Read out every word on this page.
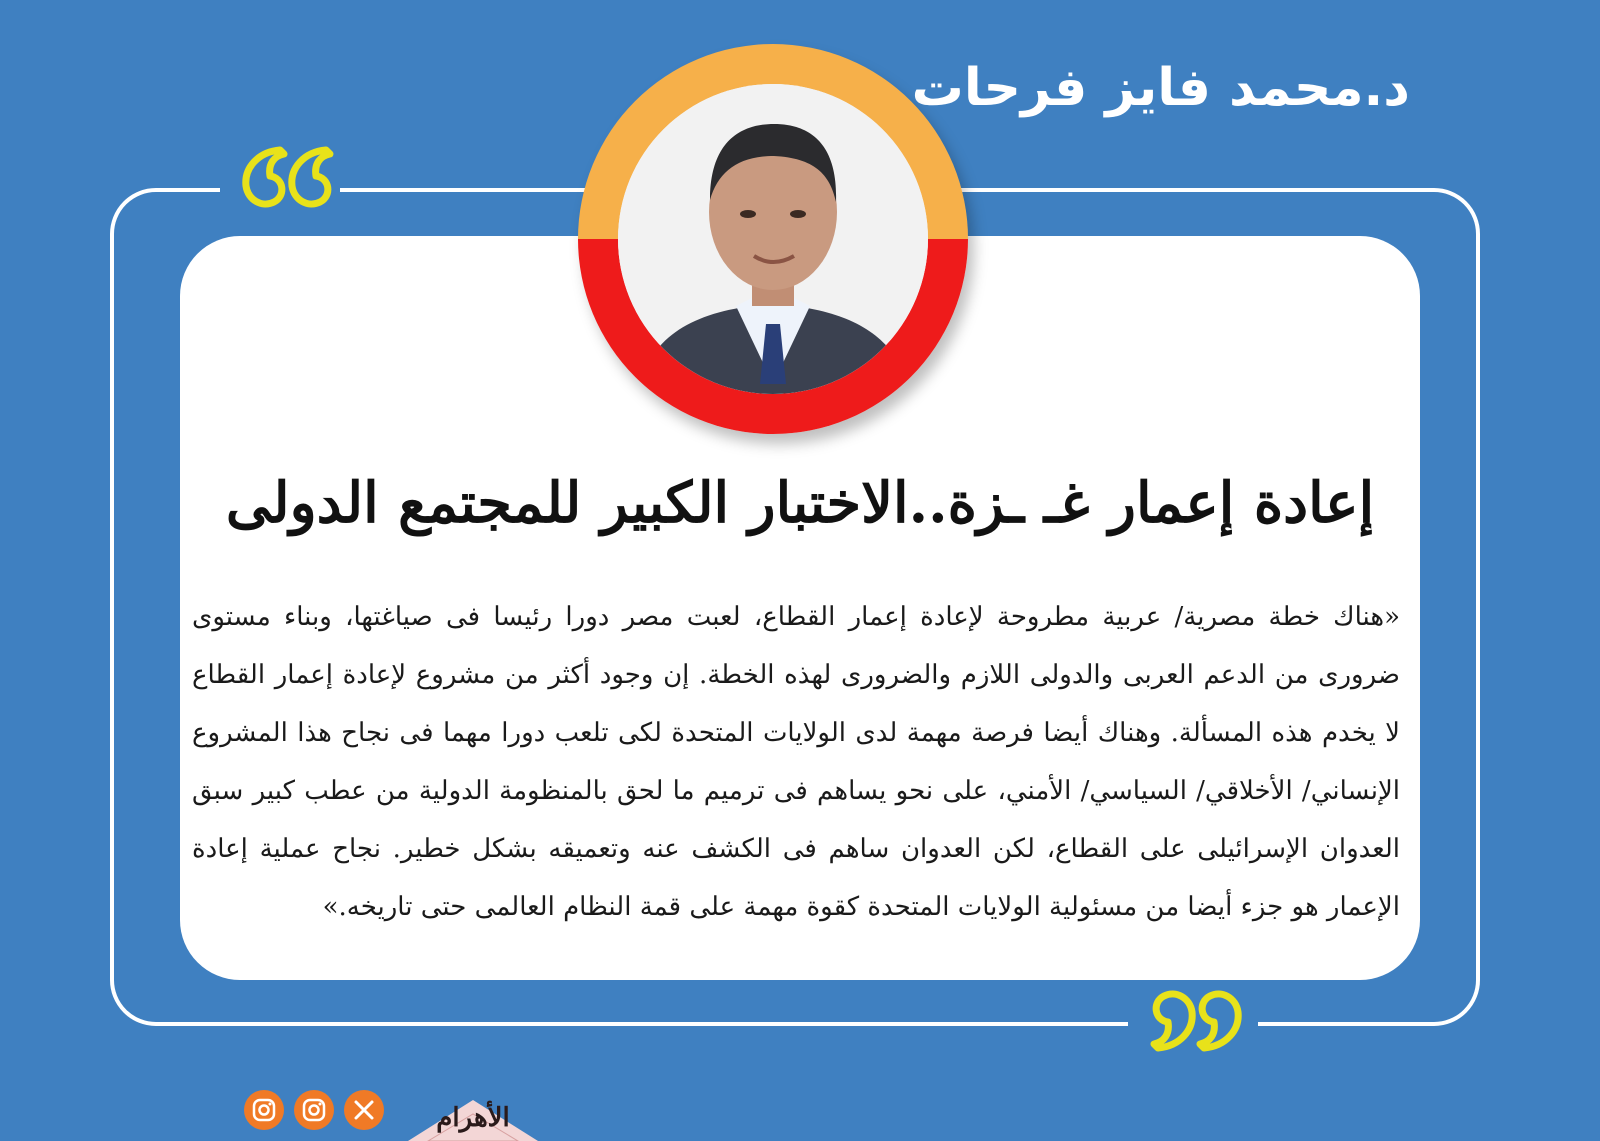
د.محمد فايز فرحات
إعادة إعمار غـ ـزة..الاختبار الكبير للمجتمع الدولى
«هناك خطة مصرية/ عربية مطروحة لإعادة إعمار القطاع، لعبت مصر دورا رئيسا فى صياغتها، وبناء مستوى ضرورى من الدعم العربى والدولى اللازم والضرورى لهذه الخطة. إن وجود أكثر من مشروع لإعادة إعمار القطاع لا يخدم هذه المسألة. وهناك أيضا فرصة مهمة لدى الولايات المتحدة لكى تلعب دورا مهما فى نجاح هذا المشروع الإنساني/ الأخلاقي/ السياسي/ الأمني، على نحو يساهم فى ترميم ما لحق بالمنظومة الدولية من عطب كبير سبق العدوان الإسرائيلى على القطاع، لكن العدوان ساهم فى الكشف عنه وتعميقه بشكل خطير. نجاح عملية إعادة الإعمار هو جزء أيضا من مسئولية الولايات المتحدة كقوة مهمة على قمة النظام العالمى حتى تاريخه.»
الأهرام
